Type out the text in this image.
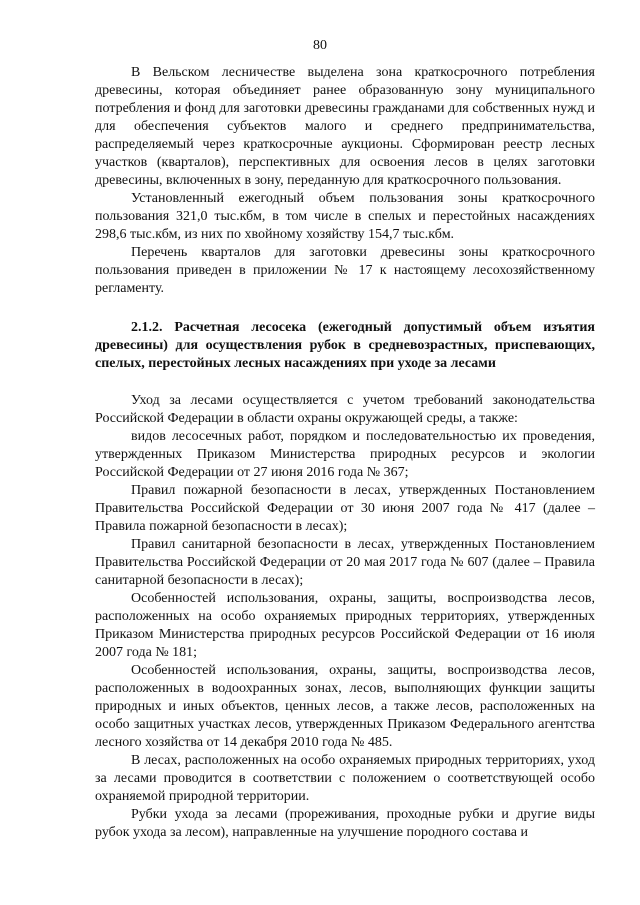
80

В Вельском лесничестве выделена зона краткосрочного потребления древесины, которая объединяет ранее образованную зону муниципального потребления и фонд для заготовки древесины гражданами для собственных нужд и для обеспечения субъектов малого и среднего предпринимательства, распределяемый через краткосрочные аукционы. Сформирован реестр лесных участков (кварталов), перспективных для освоения лесов в целях заготовки древесины, включенных в зону, переданную для краткосрочного пользования.

Установленный ежегодный объем пользования зоны краткосрочного пользования 321,0 тыс.кбм, в том числе в спелых и перестойных насаждениях 298,6 тыс.кбм, из них по хвойному хозяйству 154,7 тыс.кбм.

Перечень кварталов для заготовки древесины зоны краткосрочного пользования приведен в приложении № 17 к настоящему лесохозяйственному регламенту.

2.1.2. Расчетная лесосека (ежегодный допустимый объем изъятия древесины) для осуществления рубок в средневозрастных, приспевающих, спелых, перестойных лесных насаждениях при уходе за лесами

Уход за лесами осуществляется с учетом требований законодательства Российской Федерации в области охраны окружающей среды, а также:

видов лесосечных работ, порядком и последовательностью их проведения, утвержденных Приказом Министерства природных ресурсов и экологии Российской Федерации от 27 июня 2016 года № 367;

Правил пожарной безопасности в лесах, утвержденных Постановлением Правительства Российской Федерации от 30 июня 2007 года № 417 (далее – Правила пожарной безопасности в лесах);

Правил санитарной безопасности в лесах, утвержденных Постановлением Правительства Российской Федерации от 20 мая 2017 года № 607 (далее – Правила санитарной безопасности в лесах);

Особенностей использования, охраны, защиты, воспроизводства лесов, расположенных на особо охраняемых природных территориях, утвержденных Приказом Министерства природных ресурсов Российской Федерации от 16 июля 2007 года № 181;

Особенностей использования, охраны, защиты, воспроизводства лесов, расположенных в водоохранных зонах, лесов, выполняющих функции защиты природных и иных объектов, ценных лесов, а также лесов, расположенных на особо защитных участках лесов, утвержденных Приказом Федерального агентства лесного хозяйства от 14 декабря 2010 года № 485.

В лесах, расположенных на особо охраняемых природных территориях, уход за лесами проводится в соответствии с положением о соответствующей особо охраняемой природной территории.

Рубки ухода за лесами (прореживания, проходные рубки и другие виды рубок ухода за лесом), направленные на улучшение породного состава и
